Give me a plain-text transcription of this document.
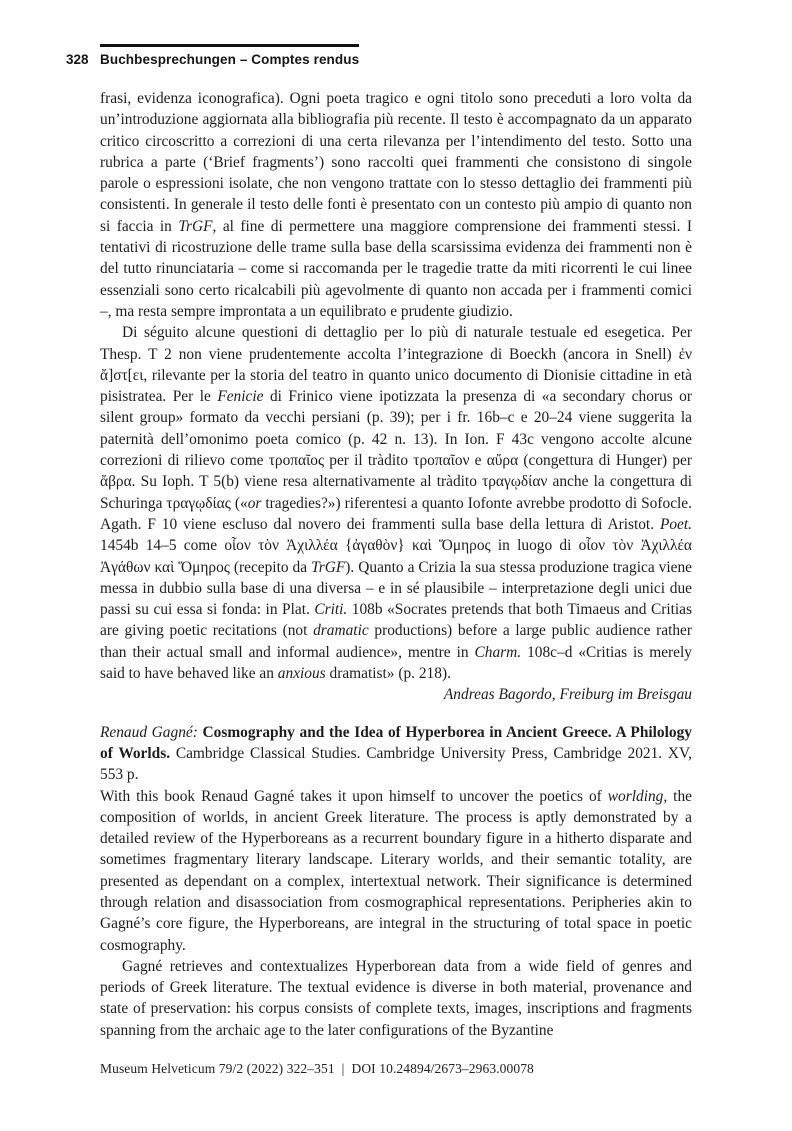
328 Buchbesprechungen – Comptes rendus

frasi, evidenza iconografica). Ogni poeta tragico e ogni titolo sono preceduti a loro volta da un’introduzione aggiornata alla bibliografia più recente. Il testo è accompagnato da un apparato critico circoscritto a correzioni di una certa rilevanza per l’intendimento del testo. Sotto una rubrica a parte (‘Brief fragments’) sono raccolti quei frammenti che consistono di singole parole o espressioni isolate, che non vengono trattate con lo stesso dettaglio dei frammenti più consistenti. In generale il testo delle fonti è presentato con un contesto più ampio di quanto non si faccia in TrGF, al fine di permettere una maggiore comprensione dei frammenti stessi. I tentativi di ricostruzione delle trame sulla base della scarsissima evidenza dei frammenti non è del tutto rinunciataria – come si raccomanda per le tragedie tratte da miti ricorrenti le cui linee essenziali sono certo ricalcabili più agevolmente di quanto non accada per i frammenti comici –, ma resta sempre improntata a un equilibrato e prudente giudizio.

Di séguito alcune questioni di dettaglio per lo più di naturale testuale ed esegetica. Per Thesp. T 2 non viene prudentemente accolta l’integrazione di Boeckh (ancora in Snell) ἐν ἄ]στ[ει, rilevante per la storia del teatro in quanto unico documento di Dionisie cittadine in età pisistratea. Per le Fenicie di Frinico viene ipotizzata la presenza di «a secondary chorus or silent group» formato da vecchi persiani (p. 39); per i fr. 16b–c e 20–24 viene suggerita la paternità dell’omonimo poeta comico (p. 42 n. 13). In Ion. F 43c vengono accolte alcune correzioni di rilievo come τροπαῖος per il tràdito τροπαῖον e αὔρα (congettura di Hunger) per ἄβρα. Su Ioph. T 5(b) viene resa alternativamente al tràdito τραγῳδίαν anche la congettura di Schuringa τραγῳδίας («or tragedies?») riferentesi a quanto Iofonte avrebbe prodotto di Sofocle. Agath. F 10 viene escluso dal novero dei frammenti sulla base della lettura di Aristot. Poet. 1454b 14–5 come οἷον τὸν Ἀχιλλέα {ἀγαθὸν} καὶ Ὅμηρος in luogo di οἷον τὸν Ἀχιλλέα Ἀγάθων καὶ Ὅμηρος (recepito da TrGF). Quanto a Crizia la sua stessa produzione tragica viene messa in dubbio sulla base di una diversa – e in sé plausibile – interpretazione degli unici due passi su cui essa si fonda: in Plat. Criti. 108b «Socrates pretends that both Timaeus and Critias are giving poetic recitations (not dramatic productions) before a large public audience rather than their actual small and informal audience», mentre in Charm. 108c–d «Critias is merely said to have behaved like an anxious dramatist» (p. 218).

Andreas Bagordo, Freiburg im Breisgau

Renaud Gagné: Cosmography and the Idea of Hyperborea in Ancient Greece. A Philology of Worlds. Cambridge Classical Studies. Cambridge University Press, Cambridge 2021. XV, 553 p.

With this book Renaud Gagné takes it upon himself to uncover the poetics of worlding, the composition of worlds, in ancient Greek literature. The process is aptly demonstrated by a detailed review of the Hyperboreans as a recurrent boundary figure in a hitherto disparate and sometimes fragmentary literary landscape. Literary worlds, and their semantic totality, are presented as dependant on a complex, intertextual network. Their significance is determined through relation and disassociation from cosmographical representations. Peripheries akin to Gagné’s core figure, the Hyperboreans, are integral in the structuring of total space in poetic cosmography.

Gagné retrieves and contextualizes Hyperborean data from a wide field of genres and periods of Greek literature. The textual evidence is diverse in both material, provenance and state of preservation: his corpus consists of complete texts, images, inscriptions and fragments spanning from the archaic age to the later configurations of the Byzantine

Museum Helveticum 79/2 (2022) 322–351 | DOI 10.24894/2673–2963.00078
